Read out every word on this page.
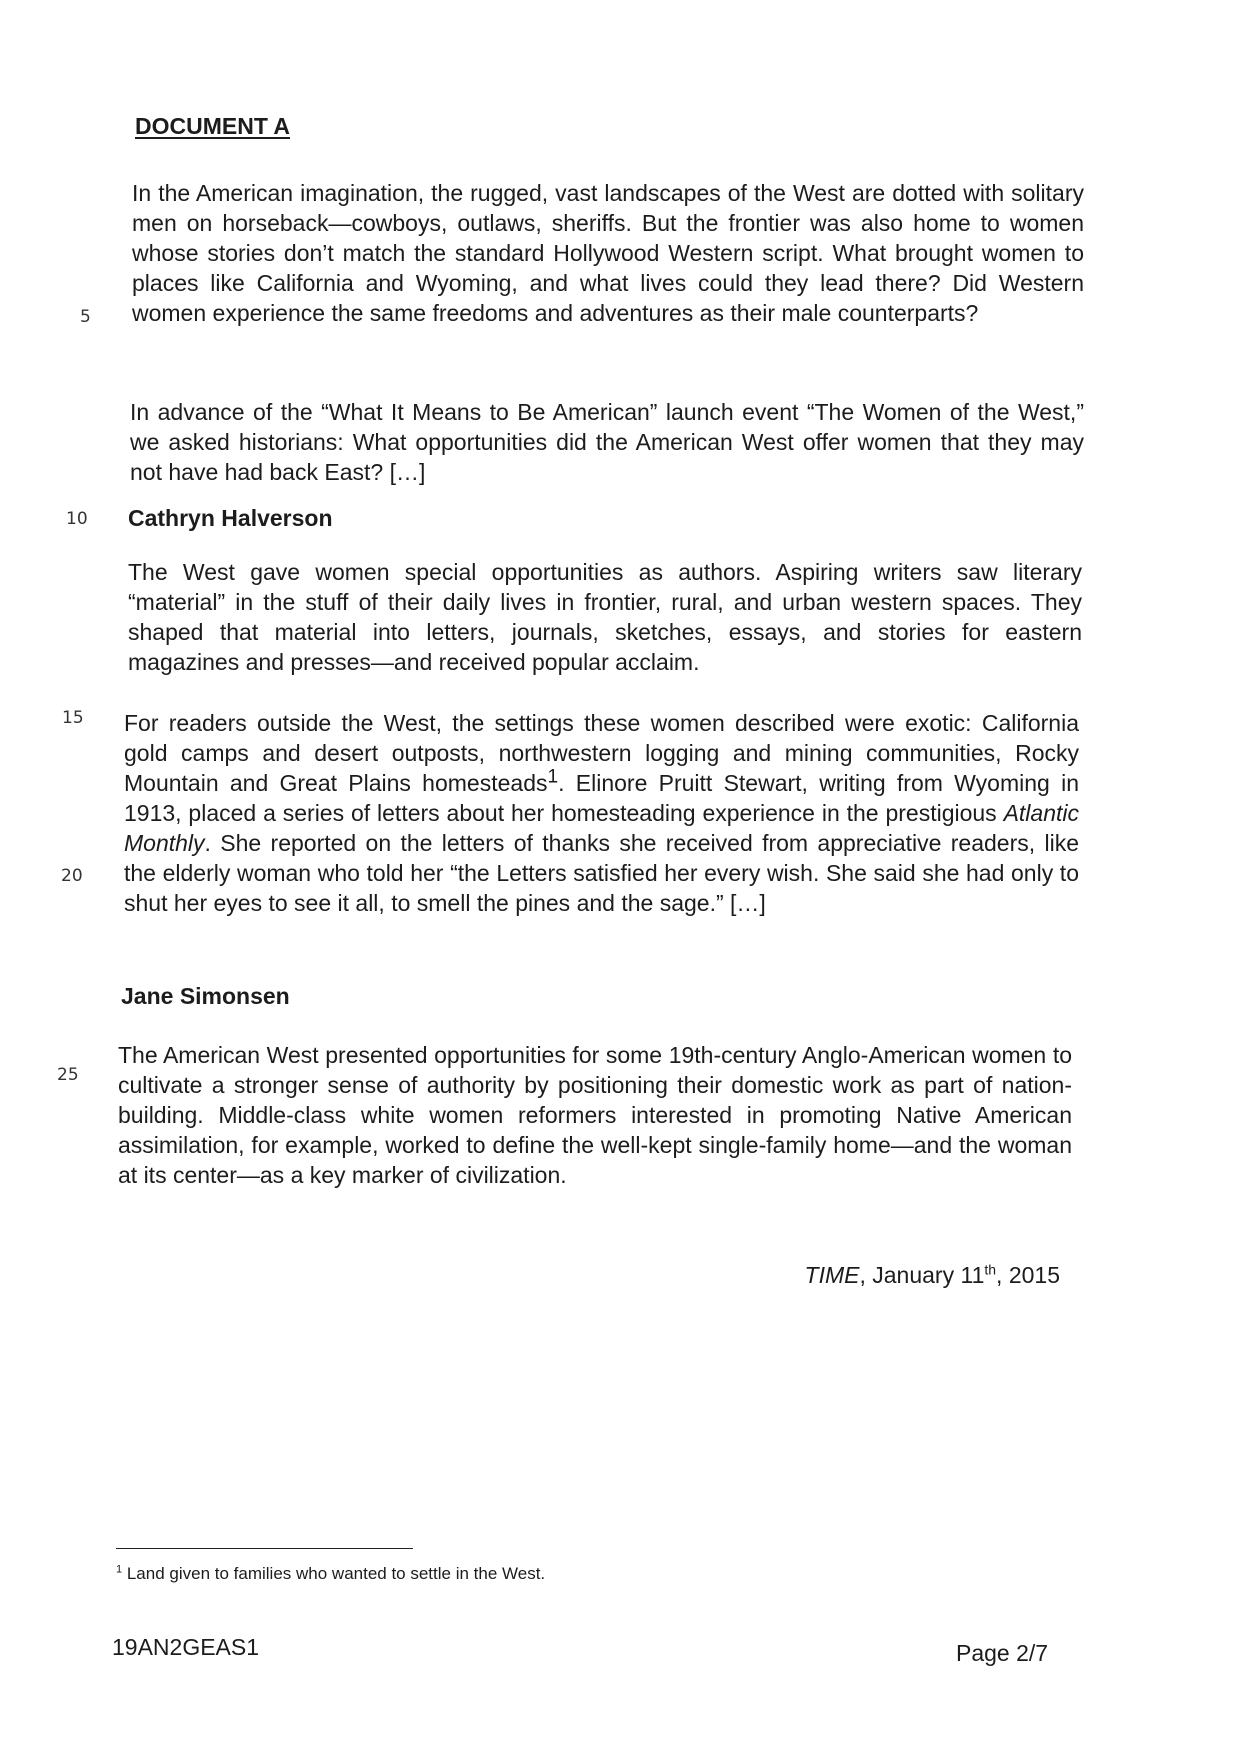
DOCUMENT A

In the American imagination, the rugged, vast landscapes of the West are dotted with solitary men on horseback—cowboys, outlaws, sheriffs. But the frontier was also home to women whose stories don’t match the standard Hollywood Western script. What brought women to places like California and Wyoming, and what lives could they lead there? Did Western women experience the same freedoms and adventures as their male counterparts?

5

In advance of the “What It Means to Be American” launch event “The Women of the West,” we asked historians: What opportunities did the American West offer women that they may not have had back East? […]

10 Cathryn Halverson

The West gave women special opportunities as authors. Aspiring writers saw literary “material” in the stuff of their daily lives in frontier, rural, and urban western spaces. They shaped that material into letters, journals, sketches, essays, and stories for eastern magazines and presses—and received popular acclaim.

15 For readers outside the West, the settings these women described were exotic: California gold camps and desert outposts, northwestern logging and mining communities, Rocky Mountain and Great Plains homesteads$^1$. Elinore Pruitt Stewart, writing from Wyoming in 1913, placed a series of letters about her homesteading experience in the prestigious Atlantic Monthly. She reported on the letters of thanks she received from appreciative readers, like the elderly woman who told her “the Letters satisfied her every wish. She said she had only to shut her eyes to see it all, to smell the pines and the sage.” […]

20
Jane Simonsen

The American West presented opportunities for some 19th-century Anglo-American women to cultivate a stronger sense of authority by positioning their domestic work as part of nation-building. Middle-class white women reformers interested in promoting Native American assimilation, for example, worked to define the well-kept single-family home—and the woman at its center—as a key marker of civilization.

25

TIME, January 11th, 2015

$^1$ Land given to families who wanted to settle in the West.

19AN2GEAS1	Page 2/7
